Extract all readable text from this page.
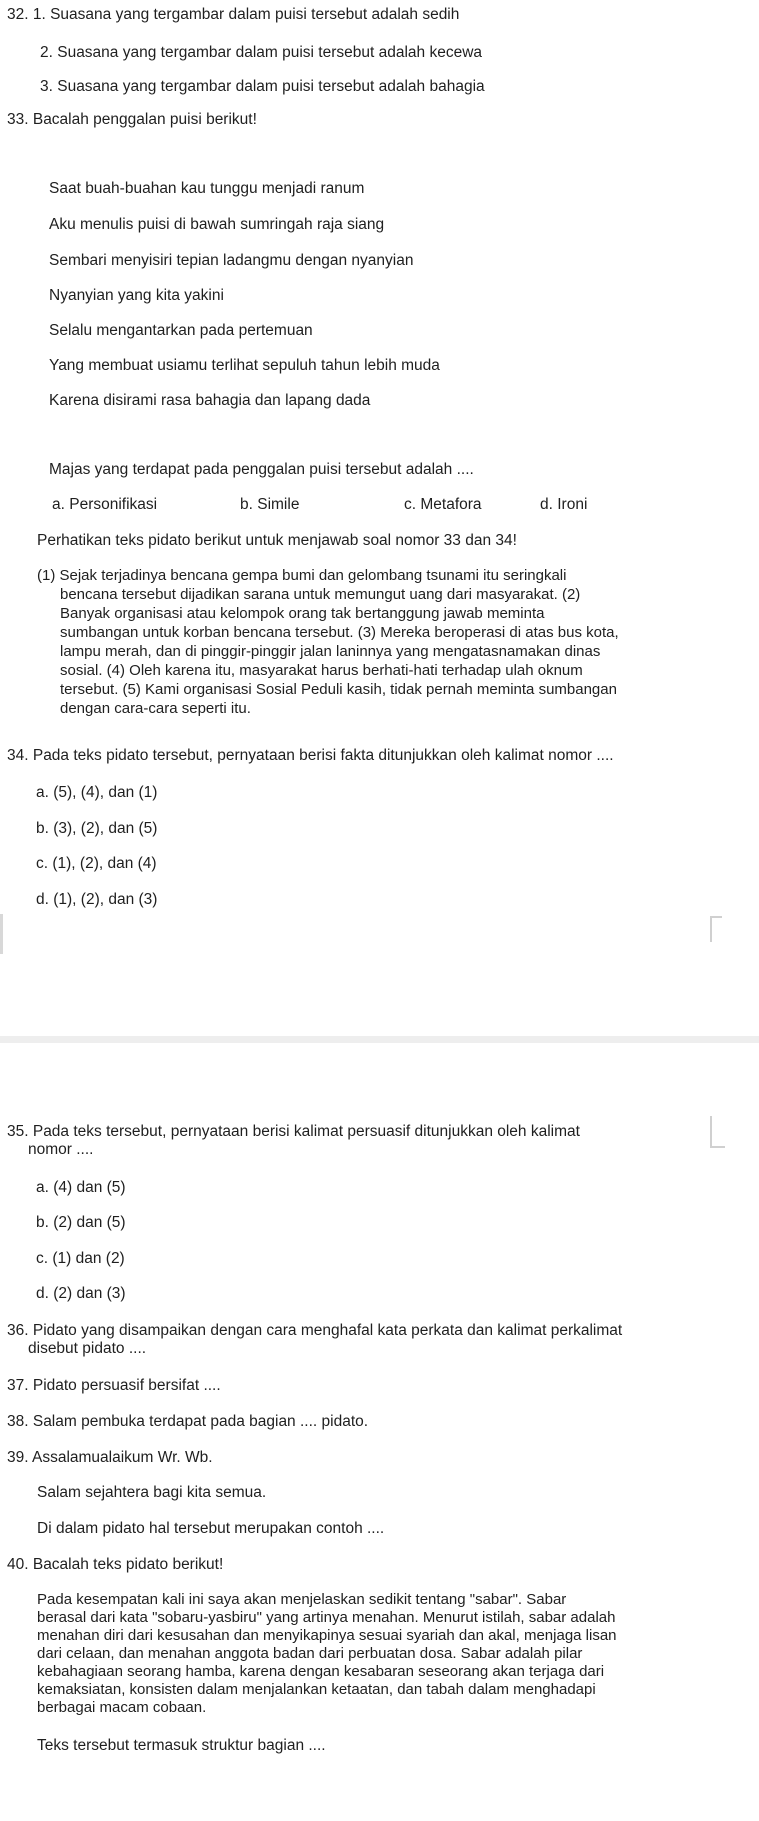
32. 1. Suasana yang tergambar dalam puisi tersebut adalah sedih
2. Suasana yang tergambar dalam puisi tersebut adalah kecewa
3. Suasana yang tergambar dalam puisi tersebut adalah bahagia
33. Bacalah penggalan puisi berikut!
Saat buah-buahan kau tunggu menjadi ranum
Aku menulis puisi di bawah sumringah raja siang
Sembari menyisiri tepian ladangmu dengan nyanyian
Nyanyian yang kita yakini
Selalu mengantarkan pada pertemuan
Yang membuat usiamu terlihat sepuluh tahun lebih muda
Karena disirami rasa bahagia dan lapang dada
Majas yang terdapat pada penggalan puisi tersebut adalah ....
a. Personifikasi	b. Simile	c. Metafora	d. Ironi
Perhatikan teks pidato berikut untuk menjawab soal nomor 33 dan 34!
(1) Sejak terjadinya bencana gempa bumi dan gelombang tsunami itu seringkali
bencana tersebut dijadikan sarana untuk memungut uang dari masyarakat. (2)
Banyak organisasi atau kelompok orang tak bertanggung jawab meminta
sumbangan untuk korban bencana tersebut. (3) Mereka beroperasi di atas bus kota,
lampu merah, dan di pinggir-pinggir jalan laninnya yang mengatasnamakan dinas
sosial. (4) Oleh karena itu, masyarakat harus berhati-hati terhadap ulah oknum
tersebut. (5) Kami organisasi Sosial Peduli kasih, tidak pernah meminta sumbangan
dengan cara-cara seperti itu.
34. Pada teks pidato tersebut, pernyataan berisi fakta ditunjukkan oleh kalimat nomor ....
a. (5), (4), dan (1)
b. (3), (2), dan (5)
c. (1), (2), dan (4)
d. (1), (2), dan (3)
35. Pada teks tersebut, pernyataan berisi kalimat persuasif ditunjukkan oleh kalimat
nomor ....
a. (4) dan (5)
b. (2) dan (5)
c. (1) dan (2)
d. (2) dan (3)
36. Pidato yang disampaikan dengan cara menghafal kata perkata dan kalimat perkalimat
disebut pidato ....
37. Pidato persuasif bersifat ....
38. Salam pembuka terdapat pada bagian .... pidato.
39. Assalamualaikum Wr. Wb.
Salam sejahtera bagi kita semua.
Di dalam pidato hal tersebut merupakan contoh ....
40. Bacalah teks pidato berikut!
Pada kesempatan kali ini saya akan menjelaskan sedikit tentang "sabar". Sabar
berasal dari kata "sobaru-yasbiru" yang artinya menahan. Menurut istilah, sabar adalah
menahan diri dari kesusahan dan menyikapinya sesuai syariah dan akal, menjaga lisan
dari celaan, dan menahan anggota badan dari perbuatan dosa. Sabar adalah pilar
kebahagiaan seorang hamba, karena dengan kesabaran seseorang akan terjaga dari
kemaksiatan, konsisten dalam menjalankan ketaatan, dan tabah dalam menghadapi
berbagai macam cobaan.
Teks tersebut termasuk struktur bagian ....
